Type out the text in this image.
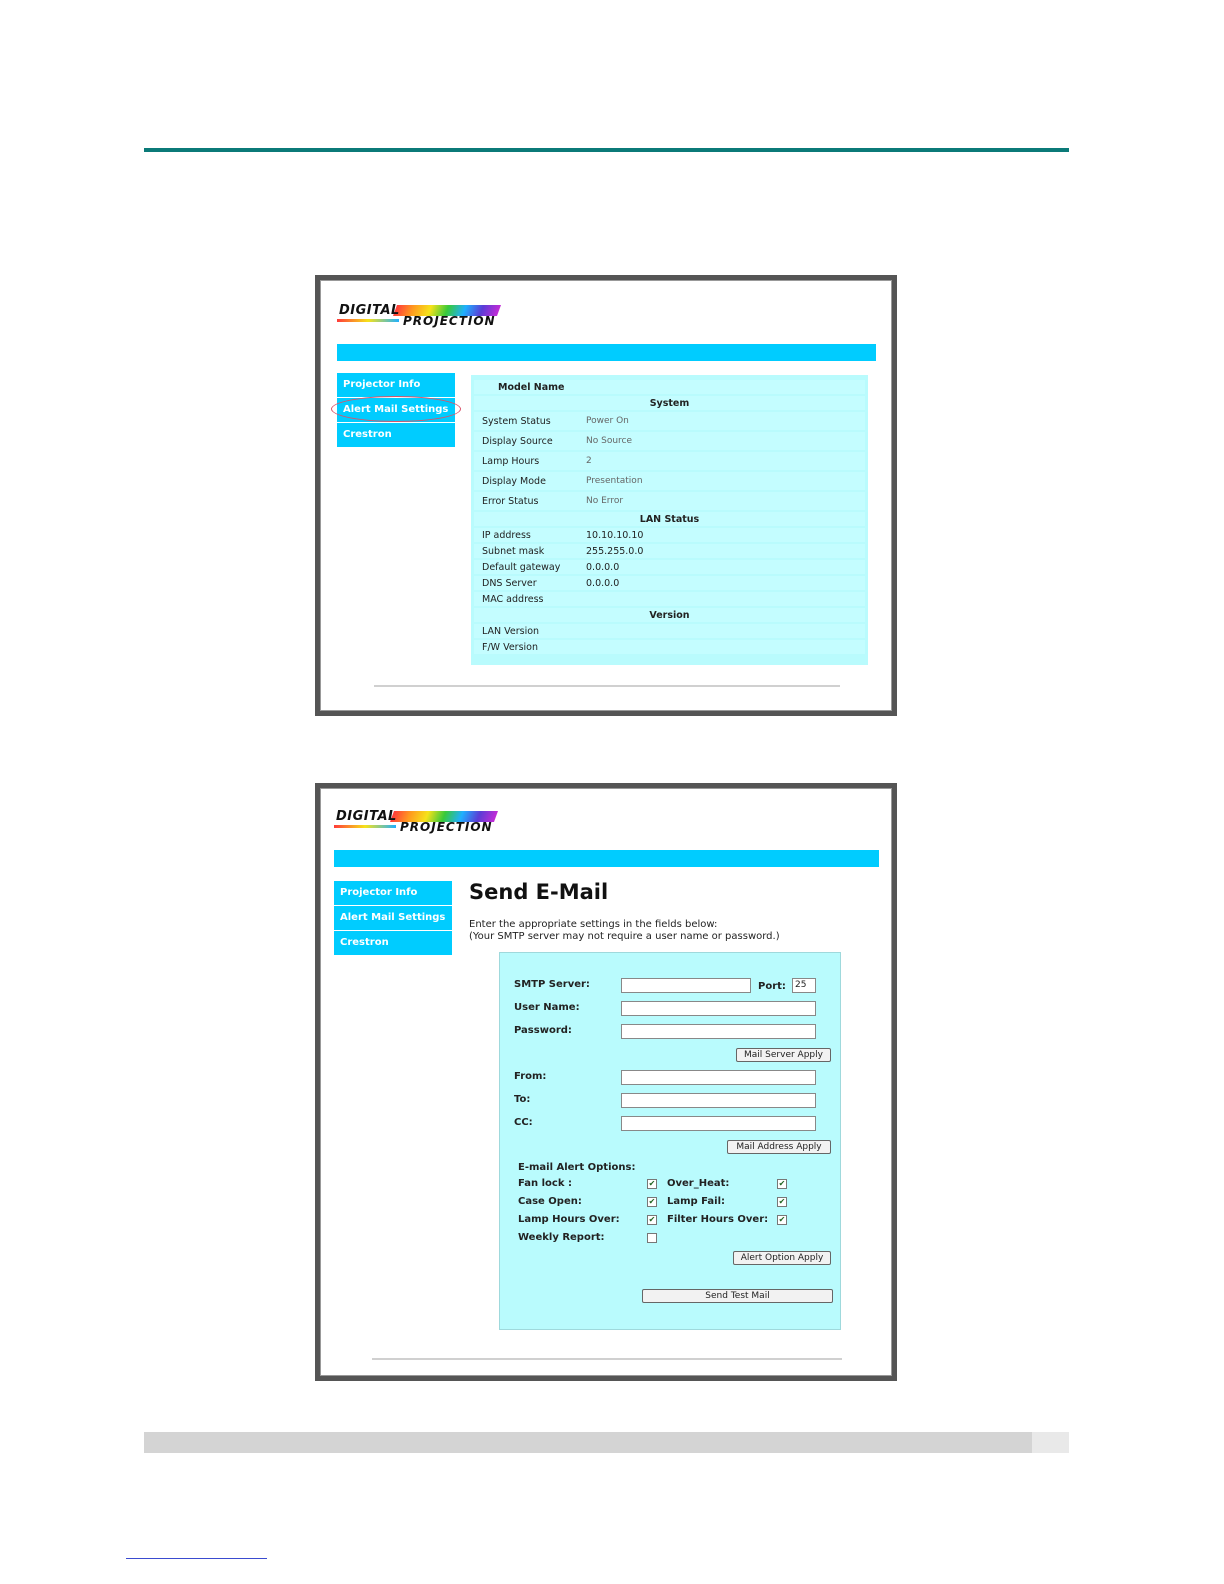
DIGITAL
PROJECTION
Projector Info
Alert Mail Settings
Crestron
Model Name	
System	
System Status	Power On
Display Source	No Source
Lamp Hours	2
Display Mode	Presentation
Error Status	No Error
LAN Status	
IP address	10.10.10.10
Subnet mask	255.255.0.0
Default gateway	0.0.0.0
DNS Server	0.0.0.0
MAC address	
Version	
LAN Version	
F/W Version	
DIGITAL
PROJECTION
Projector Info
Alert Mail Settings
Crestron
Send E-Mail
Enter the appropriate settings in the fields below:
(Your SMTP server may not require a user name or password.)
SMTP Server:	Port:	25
User Name:
Password:
Mail Server Apply
From:
To:
CC:
Mail Address Apply
E-mail Alert Options:
Fan lock :	✔ Over_Heat:	✔
Case Open:	✔ Lamp Fail:	✔
Lamp Hours Over:	✔ Filter Hours Over: ✔
Weekly Report:
Alert Option Apply
Send Test Mail
